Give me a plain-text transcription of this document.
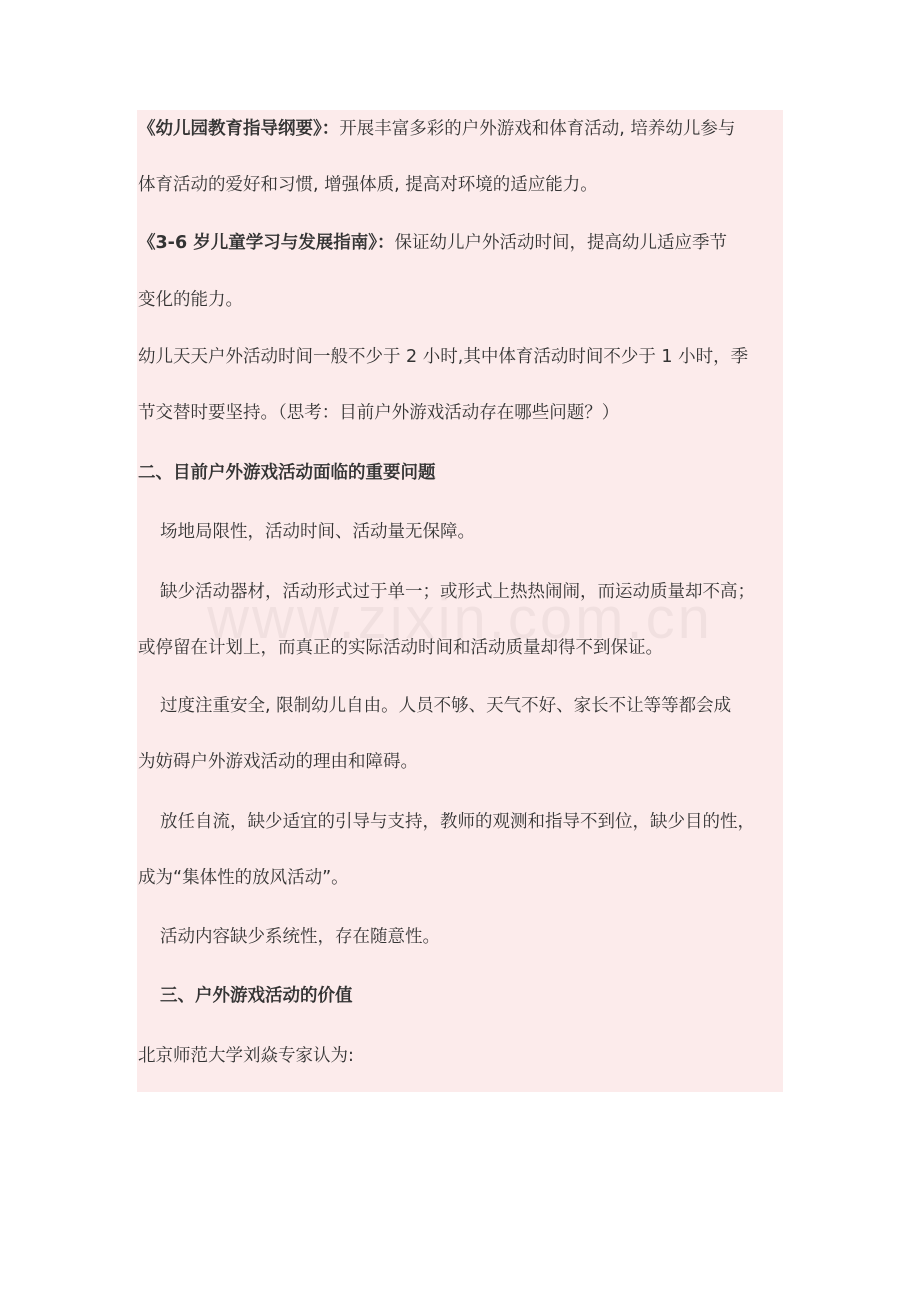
《幼儿园教育指导纲要》：开展丰富多彩的户外游戏和体育活动, 培养幼儿参与
体育活动的爱好和习惯, 增强体质, 提高对环境的适应能力。
《3-6 岁儿童学习与发展指南》：保证幼儿户外活动时间，提高幼儿适应季节
变化的能力。
幼儿天天户外活动时间一般不少于 2 小时,其中体育活动时间不少于 1 小时，季
节交替时要坚持。（思考：目前户外游戏活动存在哪些问题？）
二、目前户外游戏活动面临的重要问题
场地局限性，活动时间、活动量无保障。
缺少活动器材，活动形式过于单一；或形式上热热闹闹，而运动质量却不高；
或停留在计划上，而真正的实际活动时间和活动质量却得不到保证。
过度注重安全, 限制幼儿自由。人员不够、天气不好、家长不让等等都会成
为妨碍户外游戏活动的理由和障碍。
放任自流，缺少适宜的引导与支持，教师的观测和指导不到位，缺少目的性，
成为“集体性的放风活动”。
活动内容缺少系统性，存在随意性。
三、户外游戏活动的价值
北京师范大学刘焱专家认为:
